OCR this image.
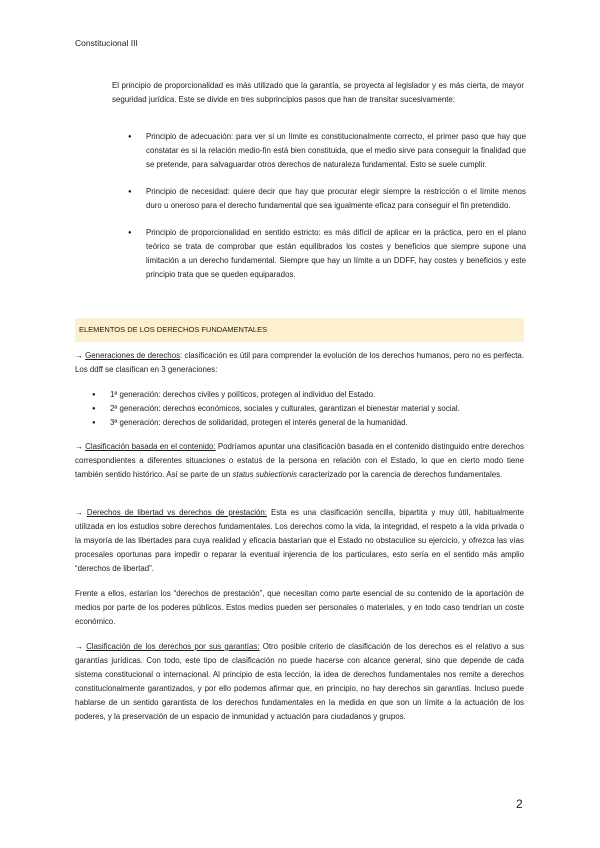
Constitucional III

El principio de proporcionalidad es más utilizado que la garantía, se proyecta al legislador y es más cierta, de mayor seguridad jurídica. Este se divide en tres subprincipios pasos que han de transitar sucesivamente:

● Principio de adecuación: para ver si un límite es constitucionalmente correcto, el primer paso que hay que constatar es si la relación medio-fin está bien constituida, que el medio sirve para conseguir la finalidad que se pretende, para salvaguardar otros derechos de naturaleza fundamental. Esto se suele cumplir.
● Principio de necesidad: quiere decir que hay que procurar elegir siempre la restricción o el límite menos duro u oneroso para el derecho fundamental que sea igualmente eficaz para conseguir el fin pretendido.
● Principio de proporcionalidad en sentido estricto: es más difícil de aplicar en la práctica, pero en el plano teórico se trata de comprobar que están equilibrados los costes y beneficios que siempre supone una limitación a un derecho fundamental. Siempre que hay un límite a un DDFF, hay costes y beneficios y este principio trata que se queden equiparados.
ELEMENTOS DE LOS DERECHOS FUNDAMENTALES

→ Generaciones de derechos: clasificación es útil para comprender la evolución de los derechos humanos, pero no es perfecta. Los ddff se clasifican en 3 generaciones:

● 1ª generación: derechos civiles y políticos, protegen al individuo del Estado.
● 2ª generación: derechos económicos, sociales y culturales, garantizan el bienestar material y social.
● 3ª generación: derechos de solidaridad, protegen el interés general de la humanidad.

→ Clasificación basada en el contenido: Podríamos apuntar una clasificación basada en el contenido distinguido entre derechos correspondientes a diferentes situaciones o estatus de la persona en relación con el Estado, lo que en cierto modo tiene también sentido histórico. Así se parte de un status subiectionis caracterizado por la carencia de derechos fundamentales.

→ Derechos de libertad vs derechos de prestación: Esta es una clasificación sencilla, bipartita y muy útil, habitualmente utilizada en los estudios sobre derechos fundamentales. Los derechos como la vida, la integridad, el respeto a la vida privada o la mayoría de las libertades para cuya realidad y eficacia bastarían que el Estado no obstaculice su ejercicio, y ofrezca las vías procesales oportunas para impedir o reparar la eventual injerencia de los particulares, esto sería en el sentido más amplio “derechos de libertad”.

Frente a ellos, estarían los “derechos de prestación”, que necesitan como parte esencial de su contenido de la aportación de medios por parte de los poderes públicos. Estos medios pueden ser personales o materiales, y en todo caso tendrían un coste económico.

→ Clasificación de los derechos por sus garantías: Otro posible criterio de clasificación de los derechos es el relativo a sus garantías jurídicas. Con todo, este tipo de clasificación no puede hacerse con alcance general, sino que depende de cada sistema constitucional o internacional. Al principio de esta lección, la idea de derechos fundamentales nos remite a derechos constitucionalmente garantizados, y por ello podemos afirmar que, en principio, no hay derechos sin garantías. Incluso puede hablarse de un sentido garantista de los derechos fundamentales en la medida en que son un límite a la actuación de los poderes, y la preservación de un espacio de inmunidad y actuación para ciudadanos y grupos.

2
